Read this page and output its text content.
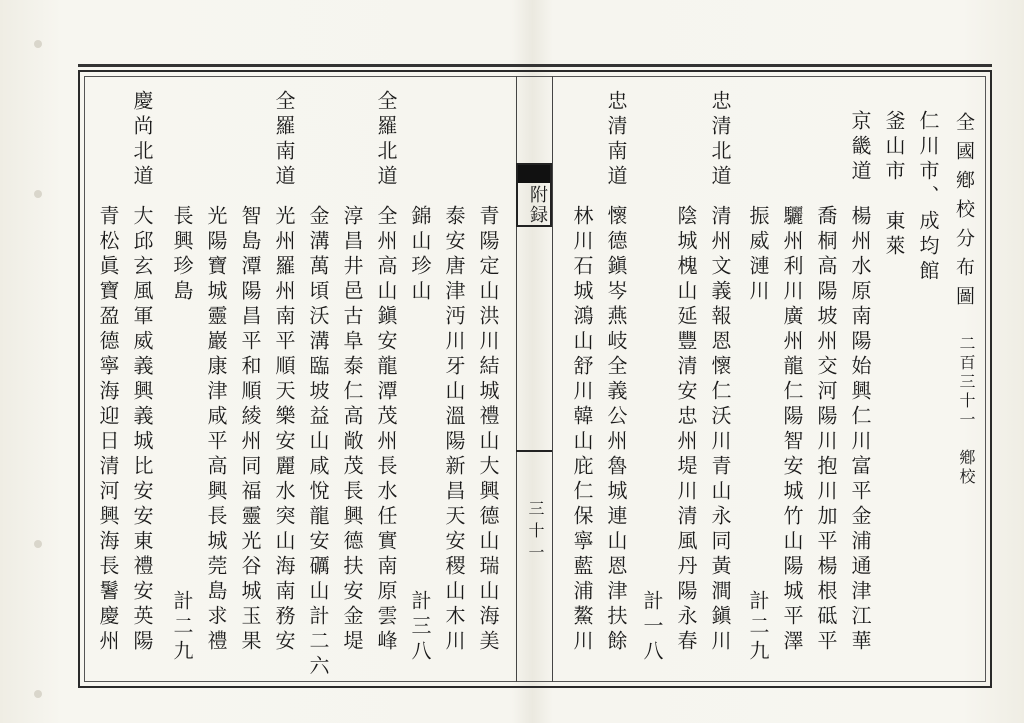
全國鄕校分布圖
二百三十一　鄕校
附録
三十一
仁川市、成均館
釜山市　東萊
京畿道
楊州水原南陽始興仁川富平金浦通津江華
喬桐高陽坡州交河陽川抱川加平楊根砥平
驪州利川廣州龍仁陽智安城竹山陽城平澤
振威漣川
計二九
忠清北道
清州文義報恩懷仁沃川青山永同黃澗鎭川
陰城槐山延豐清安忠州堤川清風丹陽永春
計一八
忠清南道
懷德鎭岑燕岐全義公州魯城連山恩津扶餘
林川石城鴻山舒川韓山庇仁保寧藍浦鰲川
青陽定山洪川結城禮山大興德山瑞山海美
泰安唐津沔川牙山溫陽新昌天安稷山木川
錦山珍山
計三八
全羅北道
全州高山鎭安龍潭茂州長水任實南原雲峰
淳昌井邑古阜泰仁高敞茂長興德扶安金堤
金溝萬頃沃溝臨坡益山咸悅龍安礪山計二六
全羅南道
光州羅州南平順天樂安麗水突山海南務安
智島潭陽昌平和順綾州同福靈光谷城玉果
光陽寶城靈巖康津咸平高興長城莞島求禮
長興珍島
計二九
慶尚北道
大邱玄風軍威義興義城比安安東禮安英陽
青松眞寶盈德寧海迎日清河興海長鬐慶州
